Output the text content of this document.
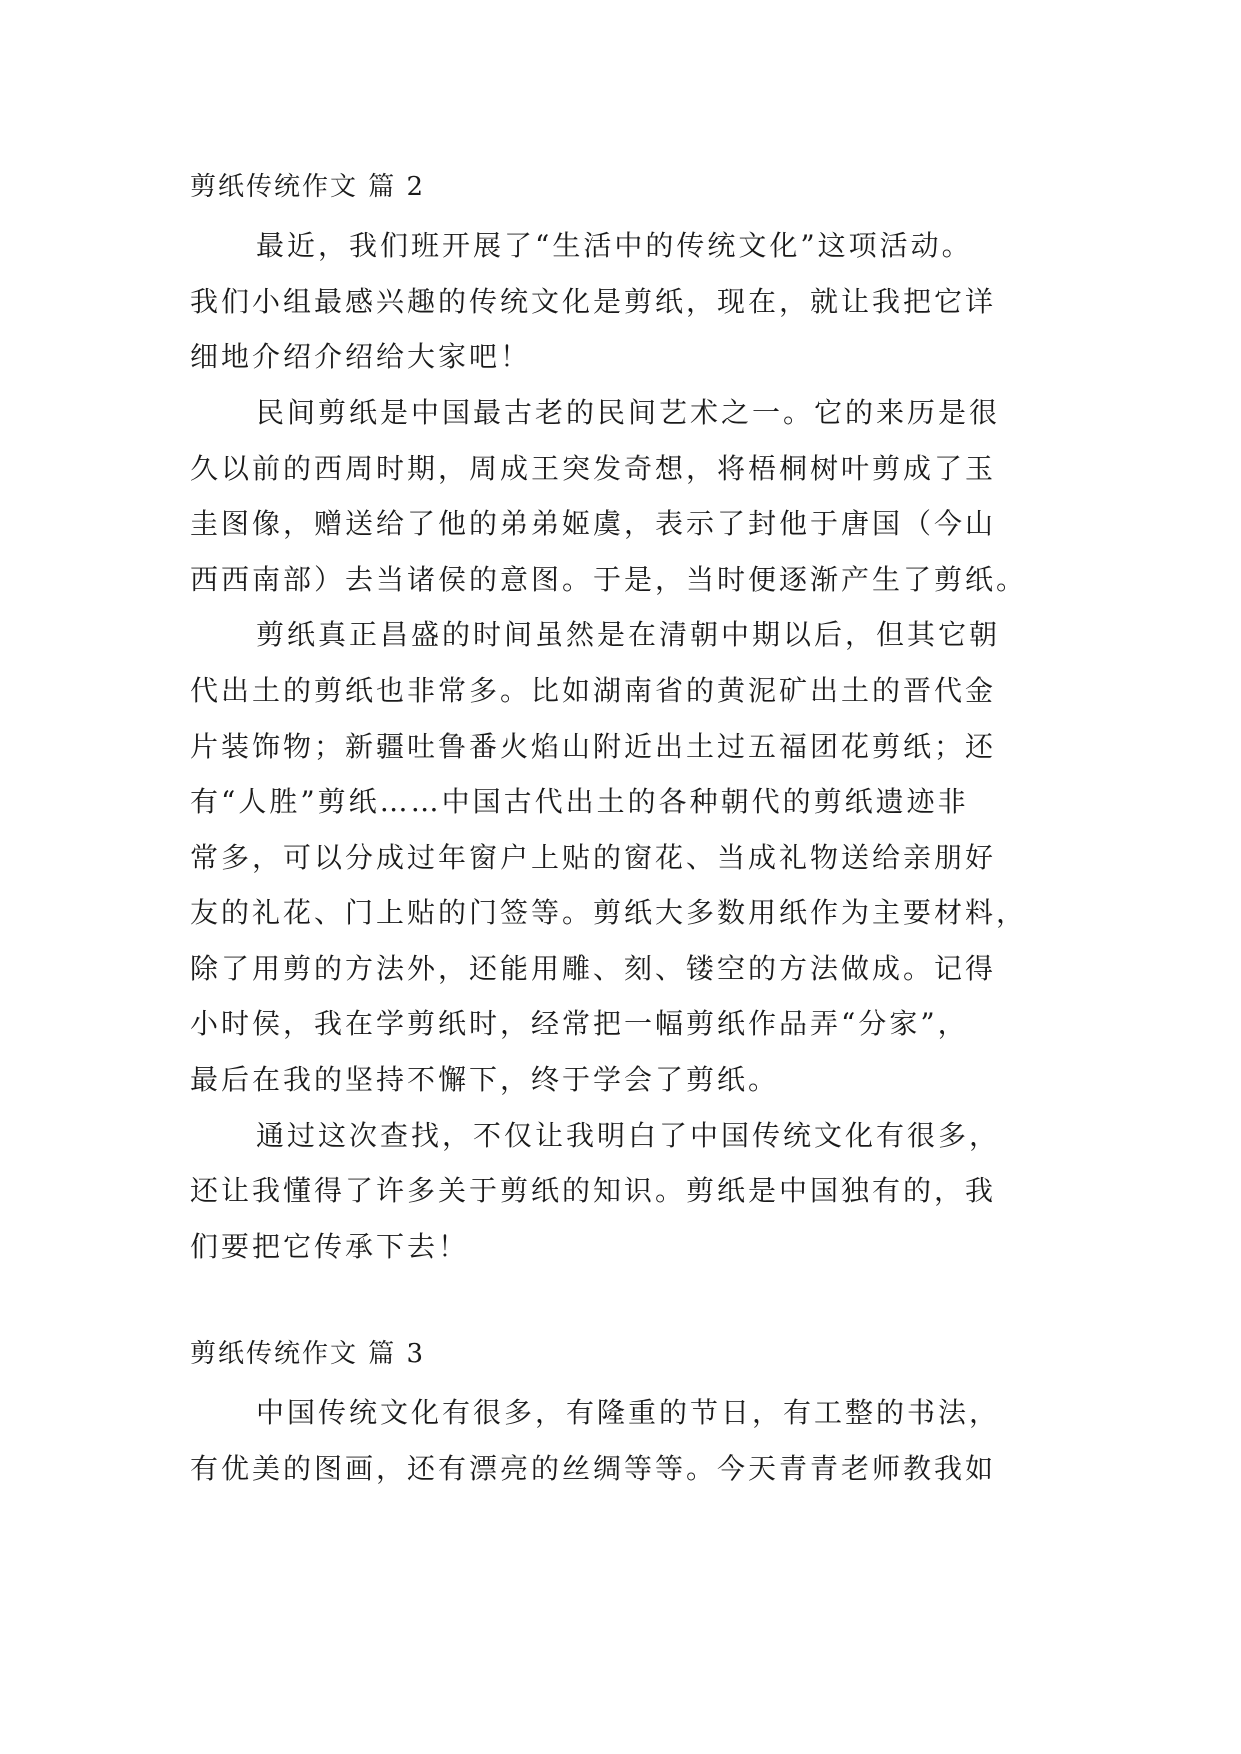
剪纸传统作文 篇 2
最近，我们班开展了“生活中的传统文化”这项活动。
我们小组最感兴趣的传统文化是剪纸，现在，就让我把它详
细地介绍介绍给大家吧！
民间剪纸是中国最古老的民间艺术之一。它的来历是很
久以前的西周时期，周成王突发奇想，将梧桐树叶剪成了玉
圭图像，赠送给了他的弟弟姬虞，表示了封他于唐国（今山
西西南部）去当诸侯的意图。于是，当时便逐渐产生了剪纸。
剪纸真正昌盛的时间虽然是在清朝中期以后，但其它朝
代出土的剪纸也非常多。比如湖南省的黄泥矿出土的晋代金
片装饰物；新疆吐鲁番火焰山附近出土过五福团花剪纸；还
有“人胜”剪纸……中国古代出土的各种朝代的剪纸遗迹非
常多，可以分成过年窗户上贴的窗花、当成礼物送给亲朋好
友的礼花、门上贴的门签等。剪纸大多数用纸作为主要材料，
除了用剪的方法外，还能用雕、刻、镂空的方法做成。记得
小时侯，我在学剪纸时，经常把一幅剪纸作品弄“分家”，
最后在我的坚持不懈下，终于学会了剪纸。
通过这次查找，不仅让我明白了中国传统文化有很多，
还让我懂得了许多关于剪纸的知识。剪纸是中国独有的，我
们要把它传承下去！
剪纸传统作文 篇 3
中国传统文化有很多，有隆重的节日，有工整的书法，
有优美的图画，还有漂亮的丝绸等等。今天青青老师教我如
